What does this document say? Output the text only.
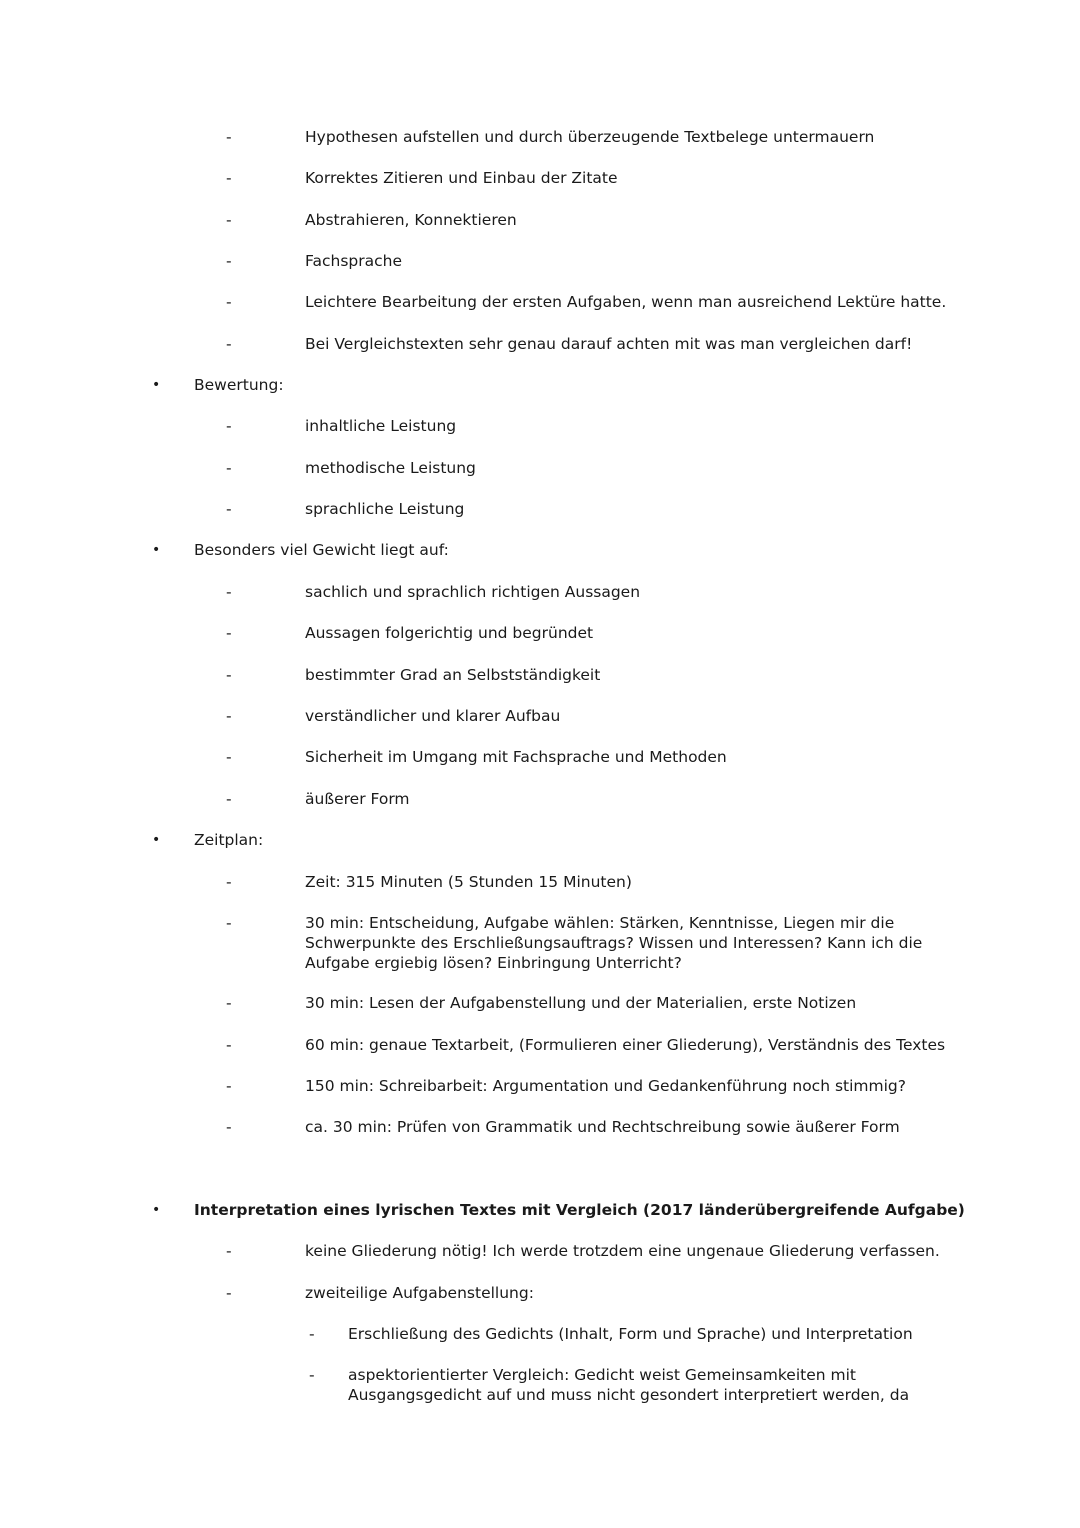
-	Hypothesen aufstellen und durch überzeugende Textbelege untermauern
-	Korrektes Zitieren und Einbau der Zitate
-	Abstrahieren, Konnektieren
-	Fachsprache
-	Leichtere Bearbeitung der ersten Aufgaben, wenn man ausreichend Lektüre hatte.
-	Bei Vergleichstexten sehr genau darauf achten mit was man vergleichen darf!
• Bewertung:
-	inhaltliche Leistung
-	methodische Leistung
-	sprachliche Leistung
• Besonders viel Gewicht liegt auf:
-	sachlich und sprachlich richtigen Aussagen
-	Aussagen folgerichtig und begründet
-	bestimmter Grad an Selbstständigkeit
-	verständlicher und klarer Aufbau
-	Sicherheit im Umgang mit Fachsprache und Methoden
-	äußerer Form
• Zeitplan:
-	Zeit: 315 Minuten (5 Stunden 15 Minuten)
-	30 min: Entscheidung, Aufgabe wählen: Stärken, Kenntnisse, Liegen mir die Schwerpunkte des Erschließungsauftrags? Wissen und Interessen? Kann ich die Aufgabe ergiebig lösen? Einbringung Unterricht?
-	30 min: Lesen der Aufgabenstellung und der Materialien, erste Notizen
-	60 min: genaue Textarbeit, (Formulieren einer Gliederung), Verständnis des Textes
-	150 min: Schreibarbeit: Argumentation und Gedankenführung noch stimmig?
-	ca. 30 min: Prüfen von Grammatik und Rechtschreibung sowie äußerer Form
• Interpretation eines lyrischen Textes mit Vergleich (2017 länderübergreifende Aufgabe)
-	keine Gliederung nötig! Ich werde trotzdem eine ungenaue Gliederung verfassen.
-	zweiteilige Aufgabenstellung:
- Erschließung des Gedichts (Inhalt, Form und Sprache) und Interpretation
- aspektorientierter Vergleich: Gedicht weist Gemeinsamkeiten mit Ausgangsgedicht auf und muss nicht gesondert interpretiert werden, da
